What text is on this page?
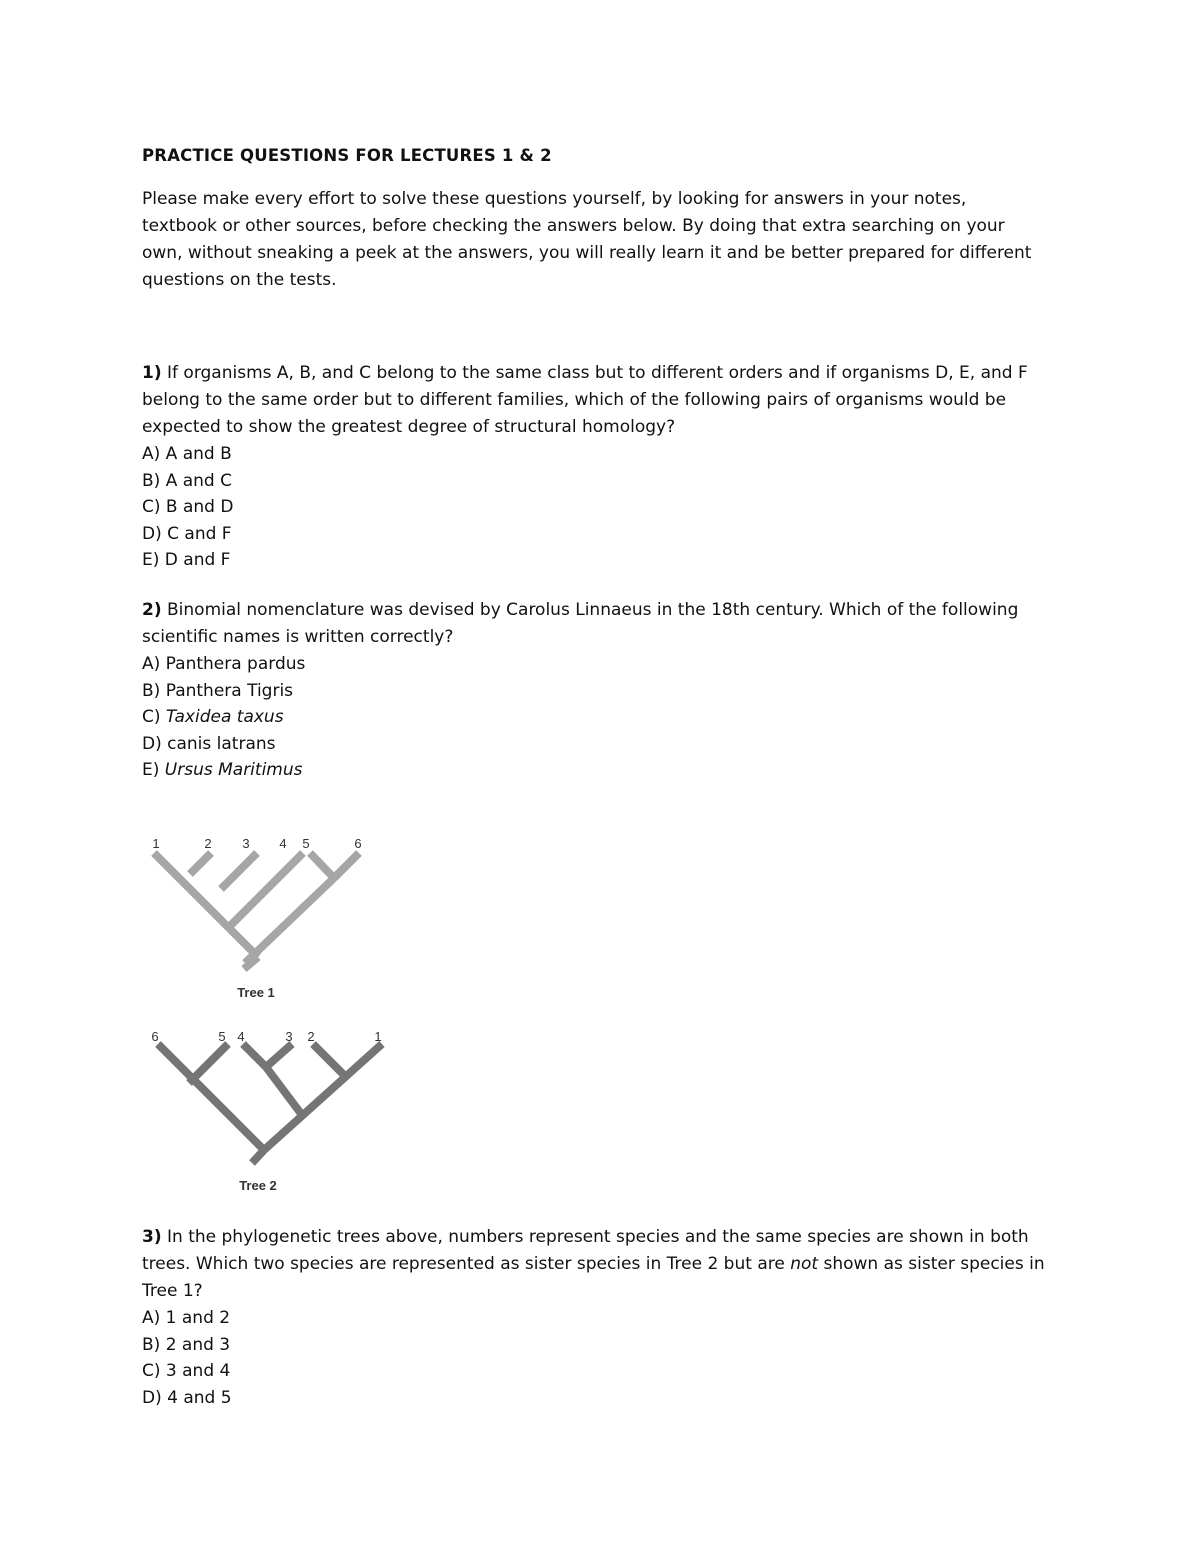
PRACTICE QUESTIONS FOR LECTURES 1 & 2
Please make every effort to solve these questions yourself, by looking for answers in your notes,
textbook or other sources, before checking the answers below. By doing that extra searching on your
own, without sneaking a peek at the answers, you will really learn it and be better prepared for different
questions on the tests.
1) If organisms A, B, and C belong to the same class but to different orders and if organisms D, E, and F
belong to the same order but to different families, which of the following pairs of organisms would be
expected to show the greatest degree of structural homology?
A) A and B
B) A and C
C) B and D
D) C and F
E) D and F
2) Binomial nomenclature was devised by Carolus Linnaeus in the 18th century. Which of the following
scientific names is written correctly?
A) Panthera pardus
B) Panthera Tigris
C) Taxidea taxus
D) canis latrans
E) Ursus Maritimus
1	2 3 4 5	6
Tree 1
6	5 4	3 2	1
Tree 2
3) In the phylogenetic trees above, numbers represent species and the same species are shown in both
trees. Which two species are represented as sister species in Tree 2 but are not shown as sister species in
Tree 1?
A) 1 and 2
B) 2 and 3
C) 3 and 4
D) 4 and 5
